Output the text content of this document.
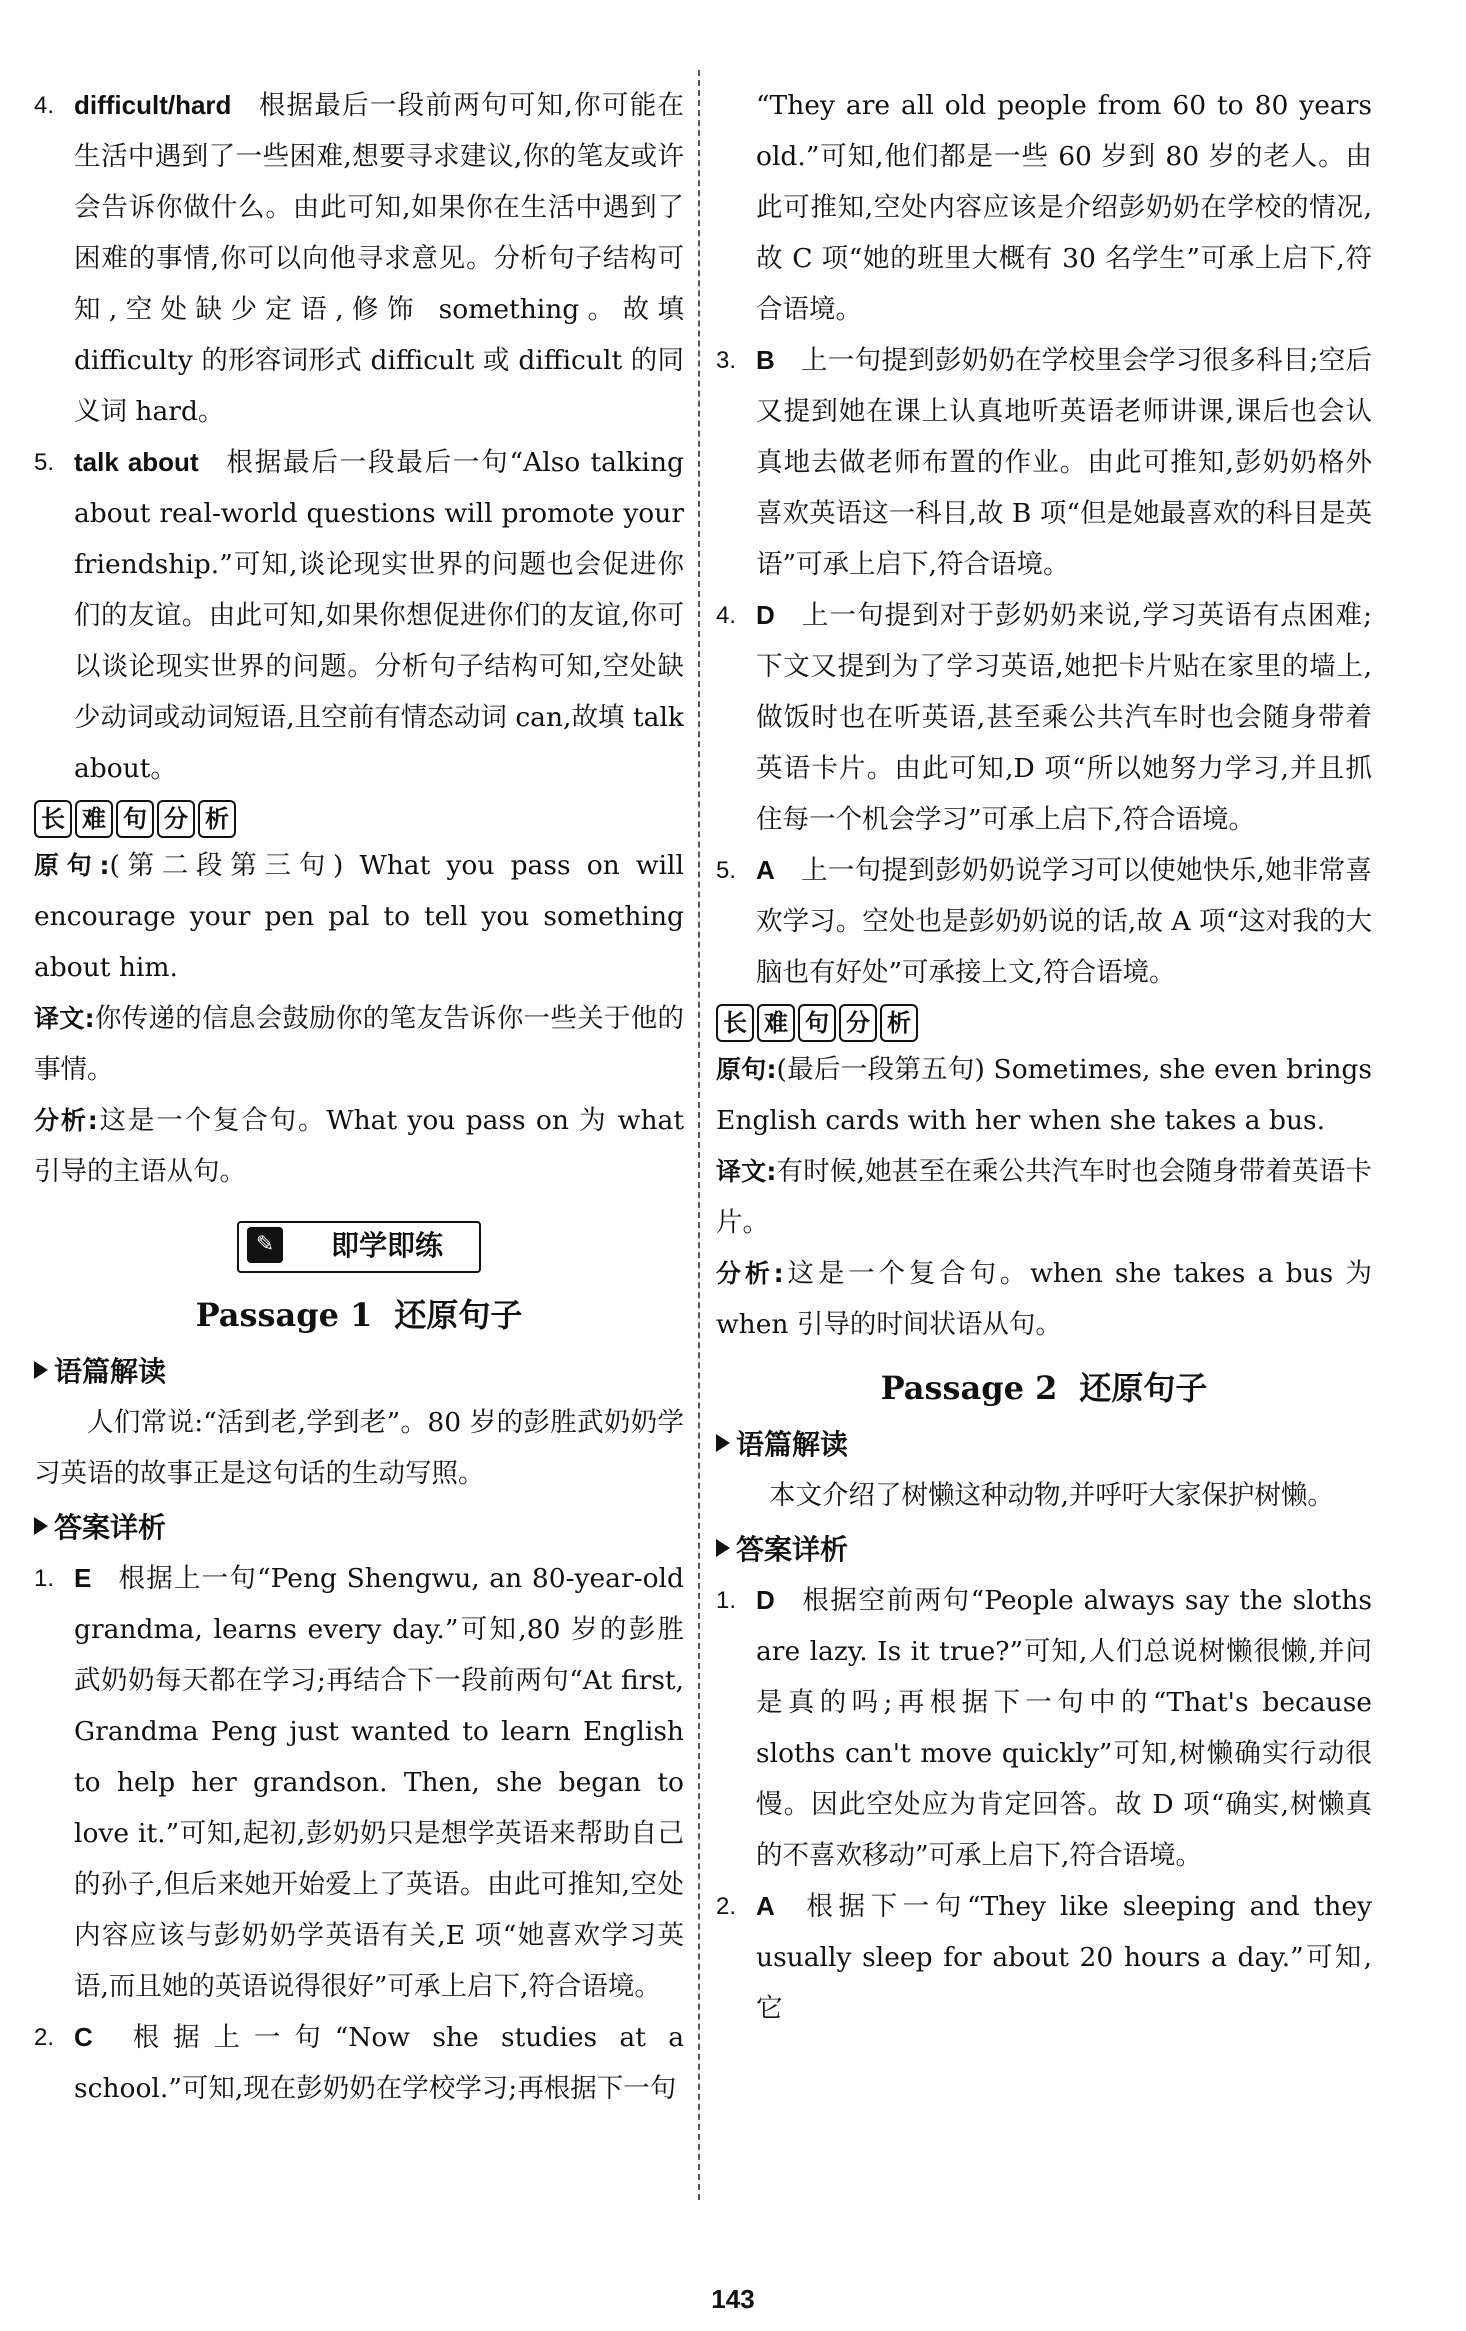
4. difficult/hard 根据最后一段前两句可知,你可能在生活中遇到了一些困难,想要寻求建议,你的笔友或许会告诉你做什么。由此可知,如果你在生活中遇到了困难的事情,你可以向他寻求意见。分析句子结构可知,空处缺少定语,修饰 something。故填 difficulty 的形容词形式 difficult 或 difficult 的同义词 hard。

5. talk about 根据最后一段最后一句“Also talking about real-world questions will promote your friendship.”可知,谈论现实世界的问题也会促进你们的友谊。由此可知,如果你想促进你们的友谊,你可以谈论现实世界的问题。分析句子结构可知,空处缺少动词或动词短语,且空前有情态动词 can,故填 talk about。

长 难 句 分 析

原句:(第二段第三句) What you pass on will encourage your pen pal to tell you something about him.

译文:你传递的信息会鼓励你的笔友告诉你一些关于他的事情。

分析:这是一个复合句。What you pass on 为 what 引导的主语从句。

✎	即学即练
Passage 1 还原句子
语篇解读

人们常说:“活到老,学到老”。80 岁的彭胜武奶奶学习英语的故事正是这句话的生动写照。

答案详析

1. E 根据上一句“Peng Shengwu, an 80-year-old grandma, learns every day.”可知,80 岁的彭胜武奶奶每天都在学习;再结合下一段前两句“At first, Grandma Peng just wanted to learn English to help her grandson. Then, she began to love it.”可知,起初,彭奶奶只是想学英语来帮助自己的孙子,但后来她开始爱上了英语。由此可推知,空处内容应该与彭奶奶学英语有关,E 项“她喜欢学习英语,而且她的英语说得很好”可承上启下,符合语境。

2. C 根据上一句“Now she studies at a school.”可知,现在彭奶奶在学校学习;再根据下一句

“They are all old people from 60 to 80 years old.”可知,他们都是一些 60 岁到 80 岁的老人。由此可推知,空处内容应该是介绍彭奶奶在学校的情况,故 C 项“她的班里大概有 30 名学生”可承上启下,符合语境。

3. B 上一句提到彭奶奶在学校里会学习很多科目;空后又提到她在课上认真地听英语老师讲课,课后也会认真地去做老师布置的作业。由此可推知,彭奶奶格外喜欢英语这一科目,故 B 项“但是她最喜欢的科目是英语”可承上启下,符合语境。

4. D 上一句提到对于彭奶奶来说,学习英语有点困难;下文又提到为了学习英语,她把卡片贴在家里的墙上,做饭时也在听英语,甚至乘公共汽车时也会随身带着英语卡片。由此可知,D 项“所以她努力学习,并且抓住每一个机会学习”可承上启下,符合语境。

5. A 上一句提到彭奶奶说学习可以使她快乐,她非常喜欢学习。空处也是彭奶奶说的话,故 A 项“这对我的大脑也有好处”可承接上文,符合语境。

长 难 句 分 析

原句:(最后一段第五句) Sometimes, she even brings English cards with her when she takes a bus.

译文:有时候,她甚至在乘公共汽车时也会随身带着英语卡片。

分析:这是一个复合句。when she takes a bus 为 when 引导的时间状语从句。

Passage 2 还原句子
语篇解读

本文介绍了树懒这种动物,并呼吁大家保护树懒。

答案详析

1. D 根据空前两句“People always say the sloths are lazy. Is it true?”可知,人们总说树懒很懒,并问是真的吗;再根据下一句中的“That's because sloths can't move quickly”可知,树懒确实行动很慢。因此空处应为肯定回答。故 D 项“确实,树懒真的不喜欢移动”可承上启下,符合语境。

2. A 根据下一句“They like sleeping and they usually sleep for about 20 hours a day.”可知,它

143
